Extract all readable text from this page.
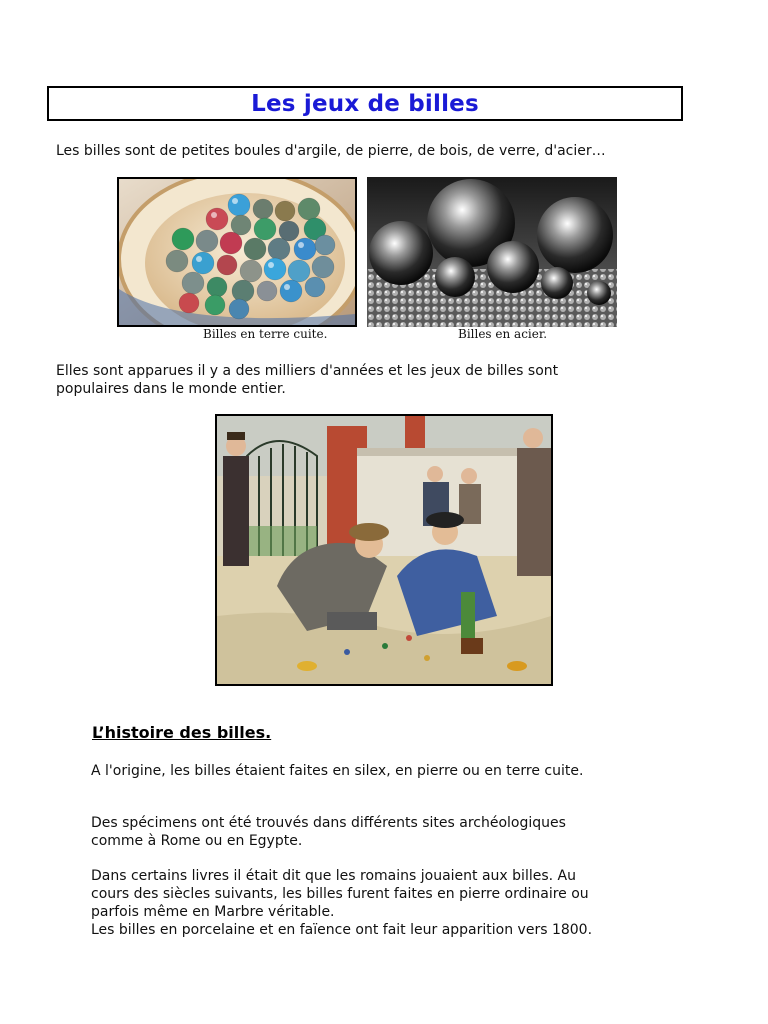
Les jeux de billes

Les billes sont de petites boules d'argile, de pierre, de bois, de verre, d'acier…

Billes en terre cuite.	Billes en acier.

Elles sont apparues il y a des milliers d'années et les jeux de billes sont

populaires dans le monde entier.

L’histoire des billes.

A l'origine, les billes étaient faites en silex, en pierre ou en terre cuite.

Des spécimens ont été trouvés dans différents sites archéologiques

comme à Rome ou en Egypte.

Dans certains livres il était dit que les romains jouaient aux billes. Au

cours des siècles suivants, les billes furent faites en pierre ordinaire ou

parfois même en Marbre véritable.

Les billes en porcelaine et en faïence ont fait leur apparition vers 1800.
